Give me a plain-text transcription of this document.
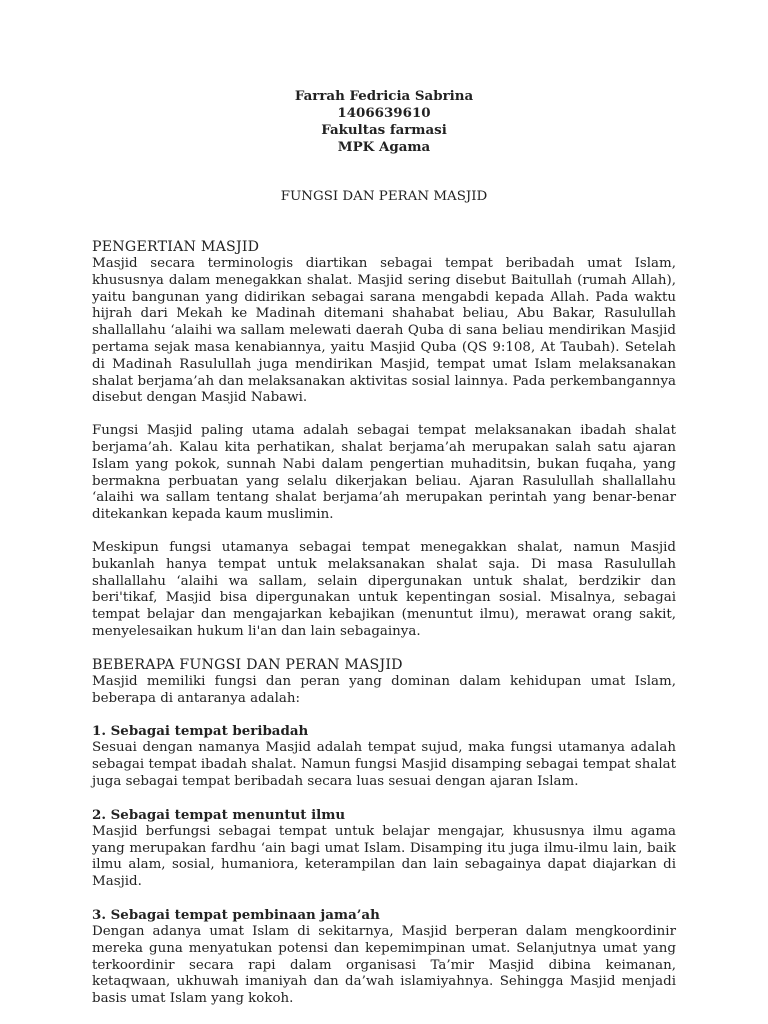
Farrah Fedricia Sabrina
1406639610
Fakultas farmasi
MPK Agama
FUNGSI DAN PERAN MASJID
PENGERTIAN MASJID

Masjid secara terminologis diartikan sebagai tempat beribadah umat Islam, khususnya dalam menegakkan shalat. Masjid sering disebut Baitullah (rumah Allah), yaitu bangunan yang didirikan sebagai sarana mengabdi kepada Allah. Pada waktu hijrah dari Mekah ke Madinah ditemani shahabat beliau, Abu Bakar, Rasulullah shallallahu ‘alaihi wa sallam melewati daerah Quba di sana beliau mendirikan Masjid pertama sejak masa kenabiannya, yaitu Masjid Quba (QS 9:108, At Taubah). Setelah di Madinah Rasulullah juga mendirikan Masjid, tempat umat Islam melaksanakan shalat berjama’ah dan melaksanakan aktivitas sosial lainnya. Pada perkembangannya disebut dengan Masjid Nabawi.

Fungsi Masjid paling utama adalah sebagai tempat melaksanakan ibadah shalat berjama’ah. Kalau kita perhatikan, shalat berjama’ah merupakan salah satu ajaran Islam yang pokok, sunnah Nabi dalam pengertian muhaditsin, bukan fuqaha, yang bermakna perbuatan yang selalu dikerjakan beliau. Ajaran Rasulullah shallallahu ‘alaihi wa sallam tentang shalat berjama’ah merupakan perintah yang benar-benar ditekankan kepada kaum muslimin.

Meskipun fungsi utamanya sebagai tempat menegakkan shalat, namun Masjid bukanlah hanya tempat untuk melaksanakan shalat saja. Di masa Rasulullah shallallahu ‘alaihi wa sallam, selain dipergunakan untuk shalat, berdzikir dan beri'tikaf, Masjid bisa dipergunakan untuk kepentingan sosial. Misalnya, sebagai tempat belajar dan mengajarkan kebajikan (menuntut ilmu), merawat orang sakit, menyelesaikan hukum li'an dan lain sebagainya.

BEBERAPA FUNGSI DAN PERAN MASJID

Masjid memiliki fungsi dan peran yang dominan dalam kehidupan umat Islam, beberapa di antaranya adalah:

1. Sebagai tempat beribadah

Sesuai dengan namanya Masjid adalah tempat sujud, maka fungsi utamanya adalah sebagai tempat ibadah shalat. Namun fungsi Masjid disamping sebagai tempat shalat juga sebagai tempat beribadah secara luas sesuai dengan ajaran Islam.

2. Sebagai tempat menuntut ilmu

Masjid berfungsi sebagai tempat untuk belajar mengajar, khususnya ilmu agama yang merupakan fardhu ‘ain bagi umat Islam. Disamping itu juga ilmu-ilmu lain, baik ilmu alam, sosial, humaniora, keterampilan dan lain sebagainya dapat diajarkan di Masjid.

3. Sebagai tempat pembinaan jama’ah

Dengan adanya umat Islam di sekitarnya, Masjid berperan dalam mengkoordinir mereka guna menyatukan potensi dan kepemimpinan umat. Selanjutnya umat yang terkoordinir secara rapi dalam organisasi Ta’mir Masjid dibina keimanan, ketaqwaan, ukhuwah imaniyah dan da’wah islamiyahnya. Sehingga Masjid menjadi basis umat Islam yang kokoh.
